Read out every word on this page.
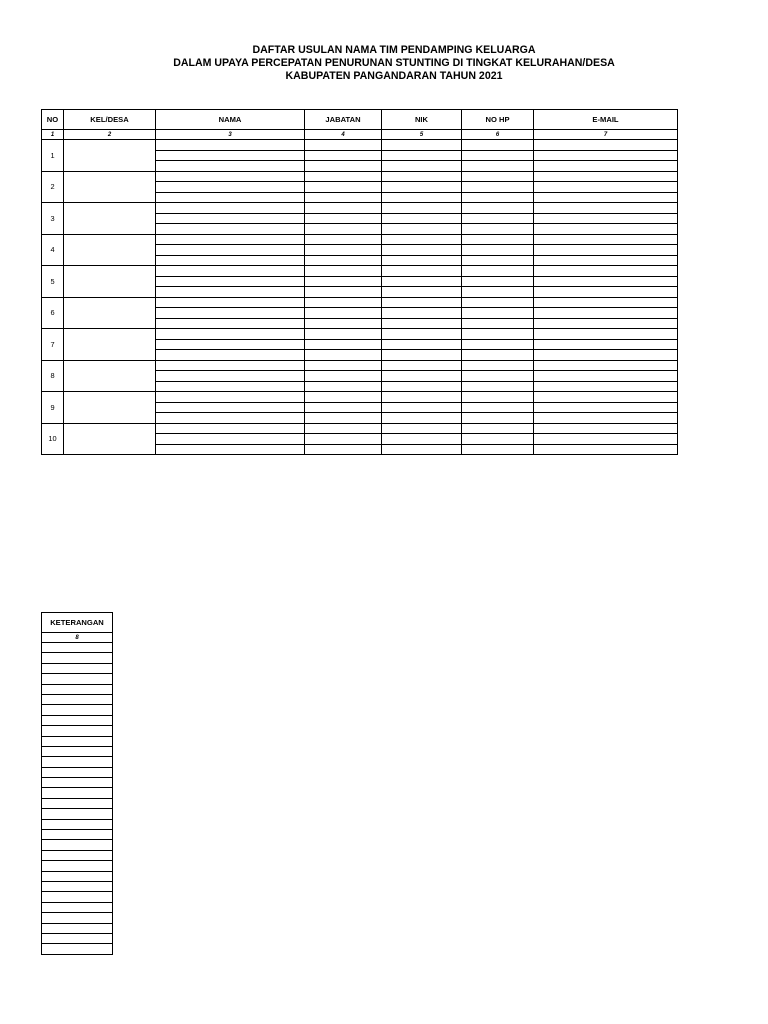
DAFTAR USULAN NAMA TIM PENDAMPING KELUARGA
DALAM UPAYA PERCEPATAN PENURUNAN STUNTING DI TINGKAT KELURAHAN/DESA
KABUPATEN PANGANDARAN TAHUN 2021
NO	KEL/DESA	NAMA	JABATAN	NIK	NO HP	E-MAIL
1	2	3	4	5	6	7
1						

2						

3						

4						

5						

6						

7						

8						

9						

10						

KETERANGAN
8
